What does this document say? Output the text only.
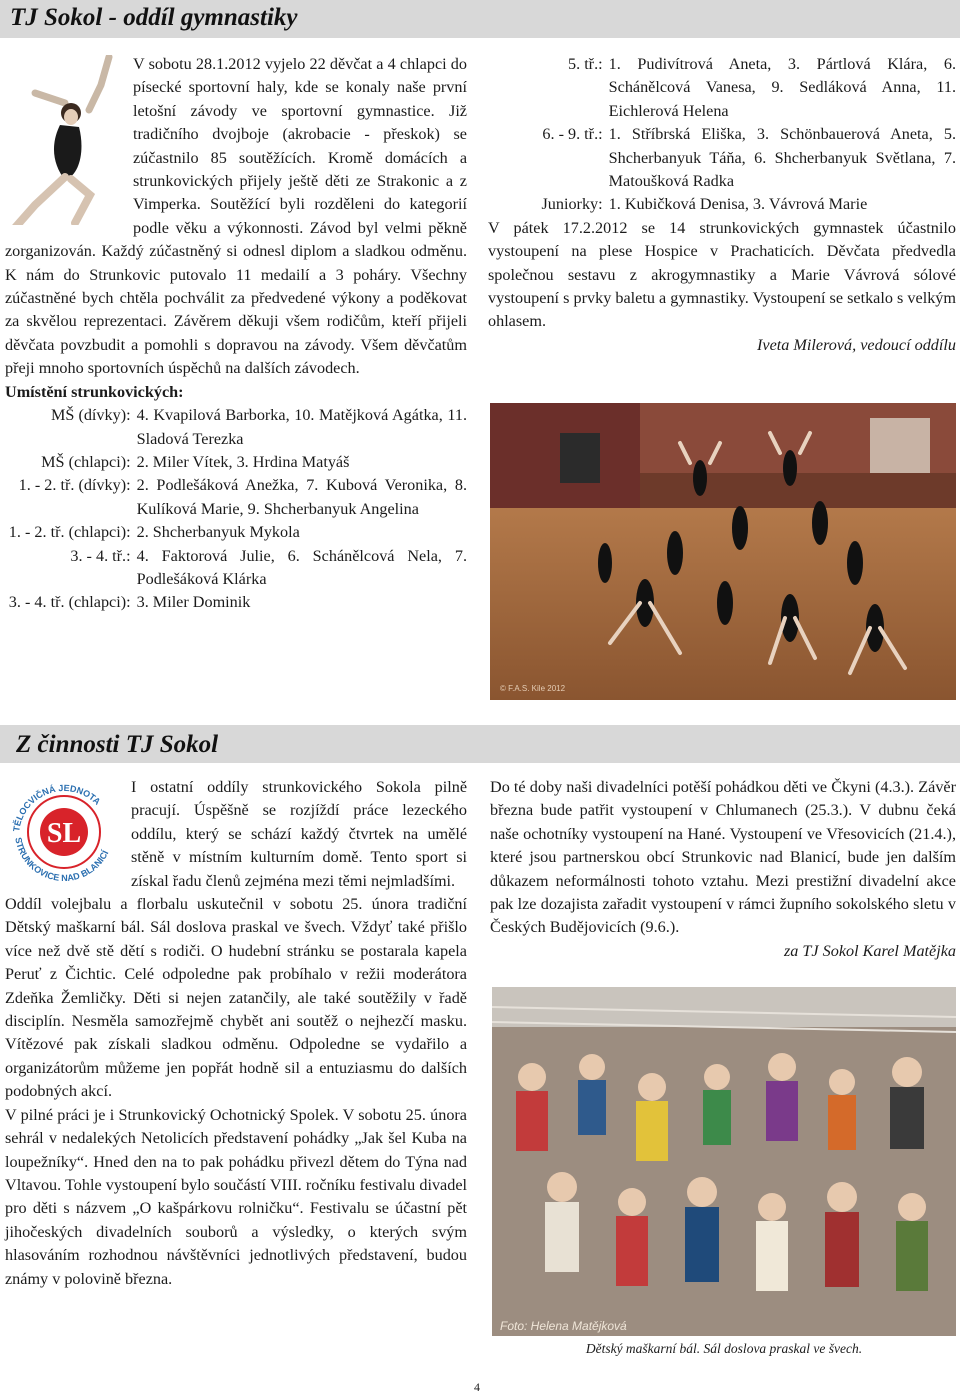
TJ Sokol - oddíl gymnastiky

V sobotu 28.1.2012 vyjelo 22 děvčat a 4 chlapci do písecké sportovní haly, kde se konaly naše první letošní závody ve sportovní gymnastice. Již tradičního dvojboje (akrobacie - přeskok) se zúčastnilo 85 soutěžících. Kromě domácích a strunkovických přijely ještě děti ze Strakonic a z Vimperka. Soutěžící byli rozděleni do kategorií podle věku a výkonnosti. Závod byl velmi pěkně zorganizován. Každý zúčastněný si odnesl diplom a sladkou odměnu. K nám do Strunkovic putovalo 11 medailí a 3 poháry. Všechny zúčastněné bych chtěla pochválit za předvedené výkony a poděkovat za skvělou reprezentaci. Závěrem děkuji všem rodičům, kteří přijeli děvčata povzbudit a pomohli s dopravou na závody. Všem děvčatům přeji mnoho sportovních úspěchů na dalších závodech.

Umístění strunkovických:
MŠ (dívky): 4. Kvapilová Barborka, 10. Matějková Agátka, 11. Sladová Terezka
MŠ (chlapci): 2. Miler Vítek, 3. Hrdina Matyáš
1. - 2. tř. (dívky): 2. Podlešáková Anežka, 7. Kubová Veronika, 8. Kulíková Marie, 9. Shcherbanyuk Angelina
1. - 2. tř. (chlapci): 2. Shcherbanyuk Mykola
3. - 4. tř.: 4. Faktorová Julie, 6. Schánělcová Nela, 7. Podlešáková Klárka
3. - 4. tř. (chlapci): 3. Miler Dominik
5. tř.: 1. Pudivítrová Aneta, 3. Pártlová Klára, 6. Schánělcová Vanesa, 9. Sedláková Anna, 11. Eichlerová Helena
6. - 9. tř.: 1. Stříbrská Eliška, 3. Schönbauerová Aneta, 5. Shcherbanyuk Táňa, 6. Shcherbanyuk Světlana, 7. Matoušková Radka
Juniorky: 1. Kubičková Denisa, 3. Vávrová Marie

V pátek 17.2.2012 se 14 strunkovických gymnastek účastnilo vystoupení na plese Hospice v Prachaticích. Děvčata předvedla společnou sestavu z akrogymnastiky a Marie Vávrová sólové vystoupení s prvky baletu a gymnastiky. Vystoupení se setkalo s velkým ohlasem.

Iveta Milerová, vedoucí oddílu
© F.A.S. Kile 2012
Z činnosti TJ Sokol
SL
TĚLOCVIČNÁ JEDNOTA
STRUNKOVICE NAD BLANICÍ

I ostatní oddíly strunkovického Sokola pilně pracují. Úspěšně se rozjíždí práce lezeckého oddílu, který se schází každý čtvrtek na umělé stěně v místním kulturním domě. Tento sport si získal řadu členů zejména mezi těmi nejmladšími.

Oddíl volejbalu a florbalu uskutečnil v sobotu 25. února tradiční Dětský maškarní bál. Sál doslova praskal ve švech. Vždyť také přišlo více než dvě stě dětí s rodiči. O hudební stránku se postarala kapela Peruť z Čichtic. Celé odpoledne pak probíhalo v režii moderátora Zdeňka Žemličky. Děti si nejen zatančily, ale také soutěžily v řadě disciplín. Nesměla samozřejmě chybět ani soutěž o nejhezčí masku. Vítězové pak získali sladkou odměnu. Odpoledne se vydařilo a organizátorům můžeme jen popřát hodně sil a entuziasmu do dalších podobných akcí.

V pilné práci je i Strunkovický Ochotnický Spolek. V sobotu 25. února sehrál v nedalekých Netolicích představení pohádky „Jak šel Kuba na loupežníky“. Hned den na to pak pohádku přivezl dětem do Týna nad Vltavou. Tohle vystoupení bylo součástí VIII. ročníku festivalu divadel pro děti s názvem „O kašpárkovu rolničku“. Festivalu se účastní pět jihočeských divadelních souborů a výsledky, o kterých svým hlasováním rozhodnou návštěvníci jednotlivých představení, budou známy v polovině března.

Do té doby naši divadelníci potěší pohádkou děti ve Čkyni (4.3.). Závěr března bude patřit vystoupení v Chlumanech (25.3.). V dubnu čeká naše ochotníky vystoupení na Hané. Vystoupení ve Vřesovicích (21.4.), které jsou partnerskou obcí Strunkovic nad Blanicí, bude jen dalším důkazem neformálnosti tohoto vztahu. Mezi prestižní divadelní akce pak lze dozajista zařadit vystoupení v rámci župního sokolského sletu v Českých Budějovicích (9.6.).

za TJ Sokol Karel Matějka
Foto: Helena Matějková
Dětský maškarní bál. Sál doslova praskal ve švech.
4
